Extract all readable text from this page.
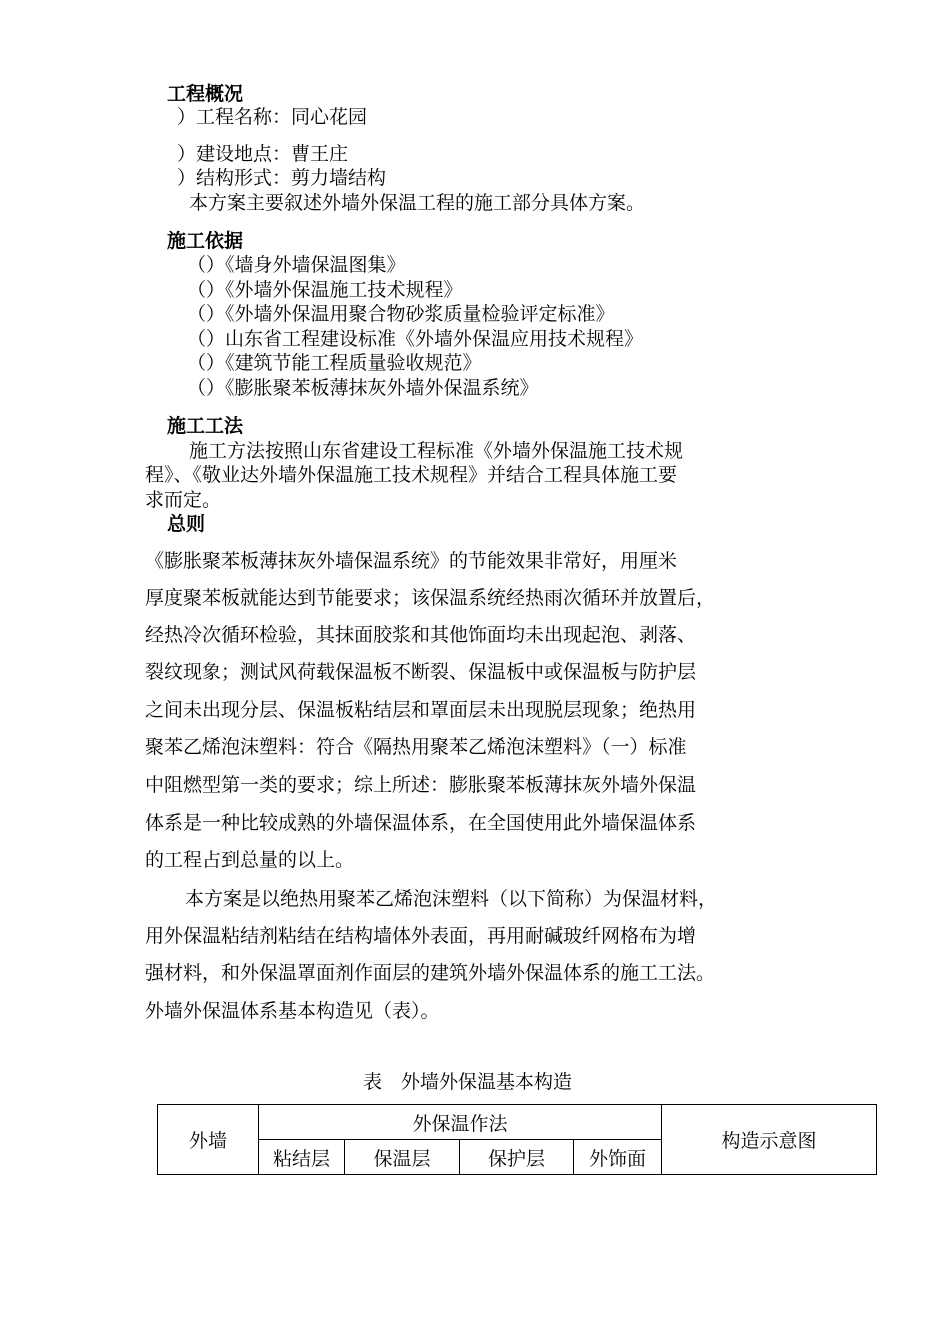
工程概况
）工程名称：同心花园
）建设地点：曹王庄
）结构形式：剪力墙结构
本方案主要叙述外墙外保温工程的施工部分具体方案。
施工依据
（）《墙身外墙保温图集》
（）《外墙外保温施工技术规程》
（）《外墙外保温用聚合物砂浆质量检验评定标准》
（）山东省工程建设标准《外墙外保温应用技术规程》
（）《建筑节能工程质量验收规范》
（）《膨胀聚苯板薄抹灰外墙外保温系统》
施工工法
施工方法按照山东省建设工程标准《外墙外保温施工技术规
程》、《敬业达外墙外保温施工技术规程》并结合工程具体施工要
求而定。
总则
《膨胀聚苯板薄抹灰外墙保温系统》的节能效果非常好，用厘米
厚度聚苯板就能达到节能要求；该保温系统经热雨次循环并放置后，
经热冷次循环检验，其抹面胶浆和其他饰面均未出现起泡、剥落、
裂纹现象；测试风荷载保温板不断裂、保温板中或保温板与防护层
之间未出现分层、保温板粘结层和罩面层未出现脱层现象；绝热用
聚苯乙烯泡沫塑料：符合《隔热用聚苯乙烯泡沫塑料》（一）标准
中阻燃型第一类的要求；综上所述：膨胀聚苯板薄抹灰外墙外保温
体系是一种比较成熟的外墙保温体系，在全国使用此外墙保温体系
的工程占到总量的以上。
本方案是以绝热用聚苯乙烯泡沫塑料（以下简称）为保温材料，
用外保温粘结剂粘结在结构墙体外表面，再用耐碱玻纤网格布为增
强材料，和外保温罩面剂作面层的建筑外墙外保温体系的施工工法。
外墙外保温体系基本构造见（表）。
表　外墙外保温基本构造
外墙	外保温作法				构造示意图
	粘结层	保温层	保护层	外饰面	
